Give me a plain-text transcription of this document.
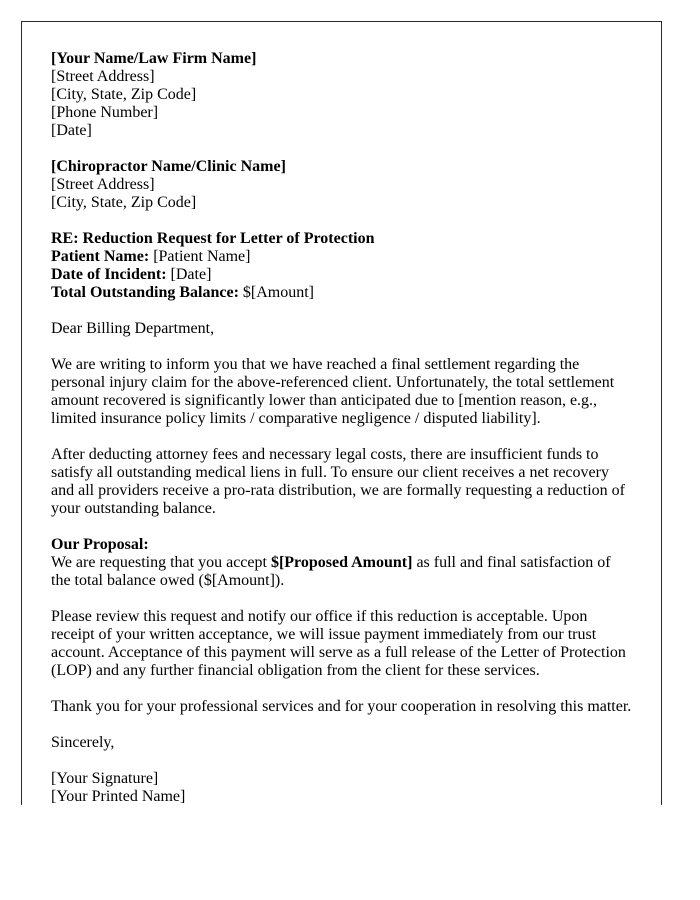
[Your Name/Law Firm Name]
[Street Address]
[City, State, Zip Code]
[Phone Number]
[Date]
[Chiropractor Name/Clinic Name]
[Street Address]
[City, State, Zip Code]
RE: Reduction Request for Letter of Protection
Patient Name: [Patient Name]
Date of Incident: [Date]
Total Outstanding Balance: $[Amount]

Dear Billing Department,

We are writing to inform you that we have reached a final settlement regarding the personal injury claim for the above-referenced client. Unfortunately, the total settlement amount recovered is significantly lower than anticipated due to [mention reason, e.g., limited insurance policy limits / comparative negligence / disputed liability].

After deducting attorney fees and necessary legal costs, there are insufficient funds to satisfy all outstanding medical liens in full. To ensure our client receives a net recovery and all providers receive a pro-rata distribution, we are formally requesting a reduction of your outstanding balance.

Our Proposal:

We are requesting that you accept $[Proposed Amount] as full and final satisfaction of the total balance owed ($[Amount]).

Please review this request and notify our office if this reduction is acceptable. Upon receipt of your written acceptance, we will issue payment immediately from our trust account. Acceptance of this payment will serve as a full release of the Letter of Protection (LOP) and any further financial obligation from the client for these services.

Thank you for your professional services and for your cooperation in resolving this matter.

Sincerely,

[Your Signature]
[Your Printed Name]
